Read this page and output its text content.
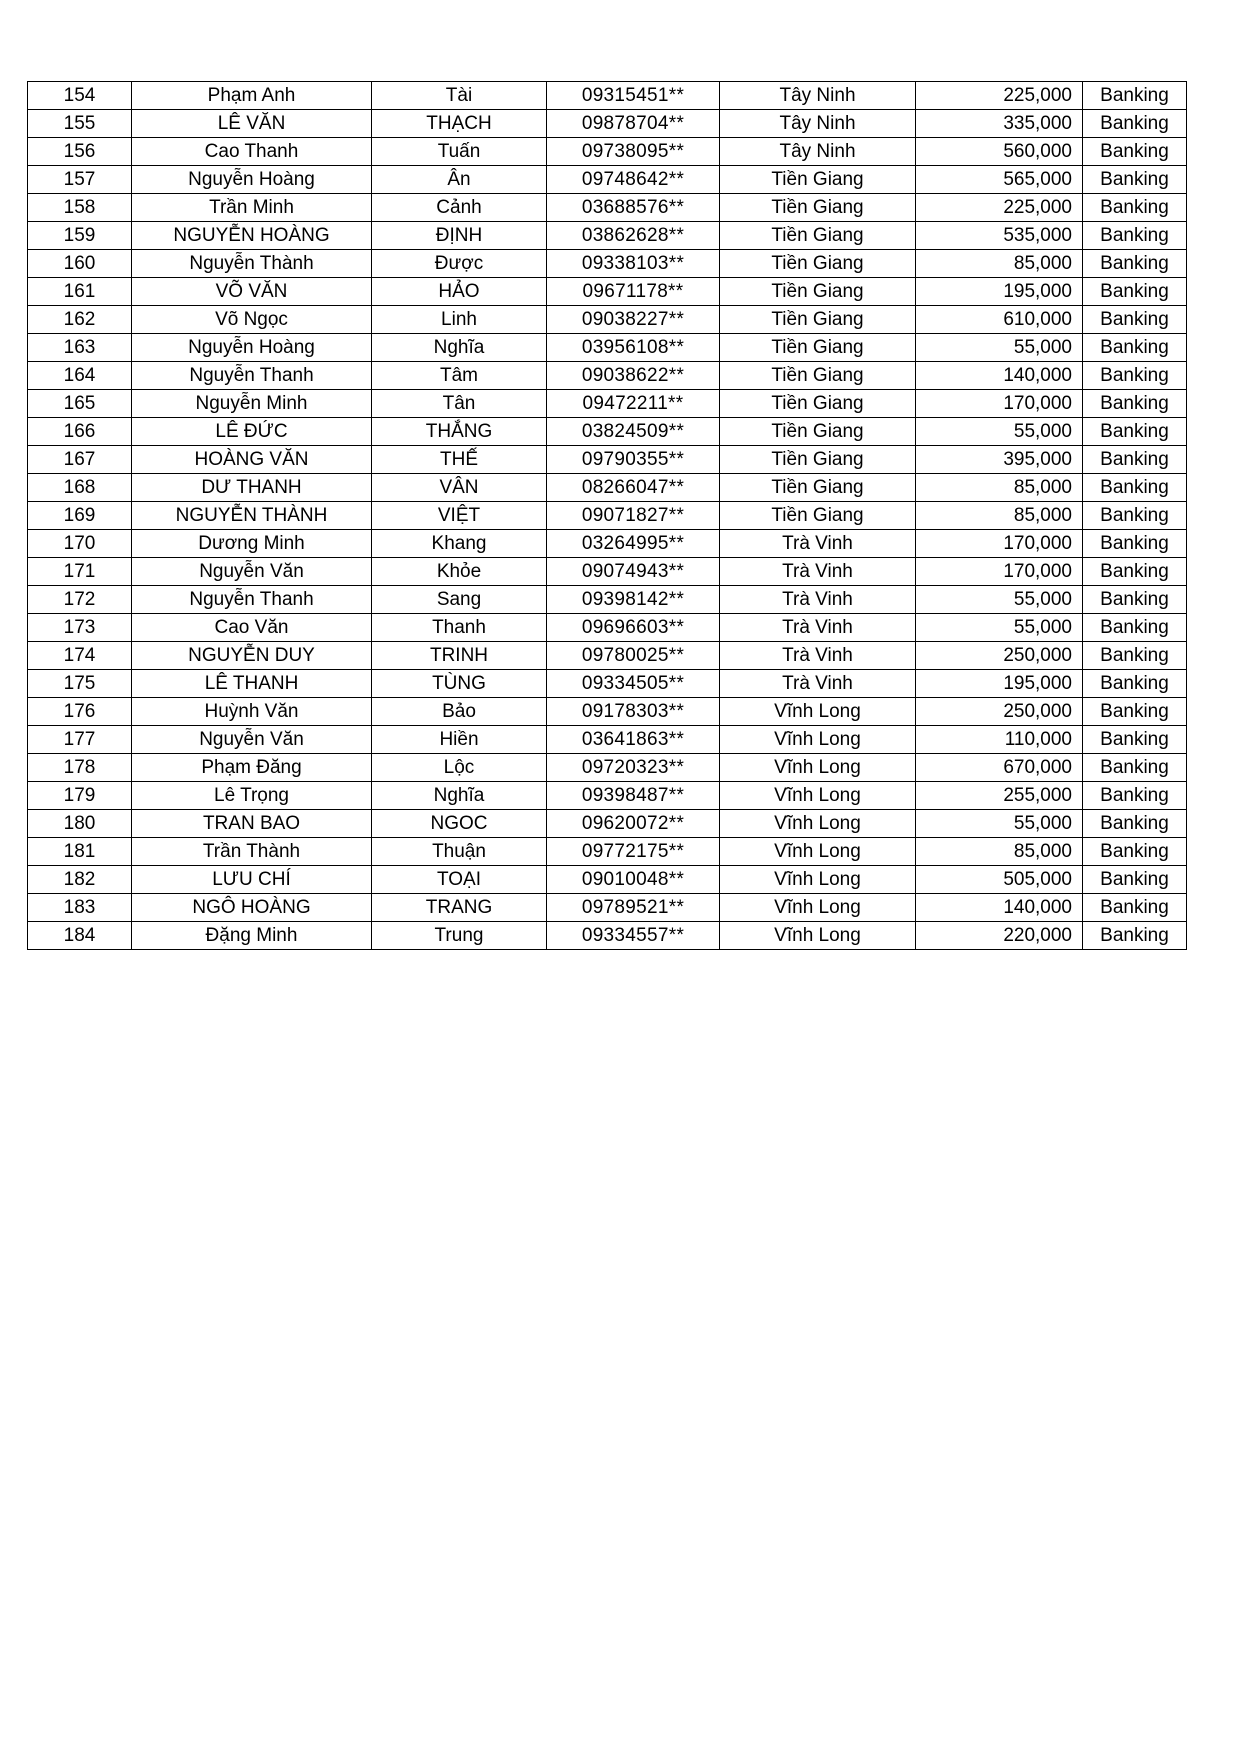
154	Phạm Anh	Tài	09315451**	Tây Ninh	225,000	Banking
155	LÊ VĂN	THẠCH	09878704**	Tây Ninh	335,000	Banking
156	Cao Thanh	Tuấn	09738095**	Tây Ninh	560,000	Banking
157	Nguyễn Hoàng	Ân	09748642**	Tiền Giang	565,000	Banking
158	Trần Minh	Cảnh	03688576**	Tiền Giang	225,000	Banking
159	NGUYỄN HOÀNG	ĐỊNH	03862628**	Tiền Giang	535,000	Banking
160	Nguyễn Thành	Được	09338103**	Tiền Giang	85,000	Banking
161	VÕ VĂN	HẢO	09671178**	Tiền Giang	195,000	Banking
162	Võ Ngọc	Linh	09038227**	Tiền Giang	610,000	Banking
163	Nguyễn Hoàng	Nghĩa	03956108**	Tiền Giang	55,000	Banking
164	Nguyễn Thanh	Tâm	09038622**	Tiền Giang	140,000	Banking
165	Nguyễn Minh	Tân	09472211**	Tiền Giang	170,000	Banking
166	LÊ ĐỨC	THẮNG	03824509**	Tiền Giang	55,000	Banking
167	HOÀNG VĂN	THẾ	09790355**	Tiền Giang	395,000	Banking
168	DƯ THANH	VÂN	08266047**	Tiền Giang	85,000	Banking
169	NGUYỄN THÀNH	VIỆT	09071827**	Tiền Giang	85,000	Banking
170	Dương Minh	Khang	03264995**	Trà Vinh	170,000	Banking
171	Nguyễn Văn	Khỏe	09074943**	Trà Vinh	170,000	Banking
172	Nguyễn Thanh	Sang	09398142**	Trà Vinh	55,000	Banking
173	Cao Văn	Thanh	09696603**	Trà Vinh	55,000	Banking
174	NGUYỄN DUY	TRINH	09780025**	Trà Vinh	250,000	Banking
175	LÊ THANH	TÙNG	09334505**	Trà Vinh	195,000	Banking
176	Huỳnh Văn	Bảo	09178303**	Vĩnh Long	250,000	Banking
177	Nguyễn Văn	Hiền	03641863**	Vĩnh Long	110,000	Banking
178	Phạm Đăng	Lộc	09720323**	Vĩnh Long	670,000	Banking
179	Lê Trọng	Nghĩa	09398487**	Vĩnh Long	255,000	Banking
180	TRAN BAO	NGOC	09620072**	Vĩnh Long	55,000	Banking
181	Trần Thành	Thuận	09772175**	Vĩnh Long	85,000	Banking
182	LƯU CHÍ	TOẠI	09010048**	Vĩnh Long	505,000	Banking
183	NGÔ HOÀNG	TRANG	09789521**	Vĩnh Long	140,000	Banking
184	Đặng Minh	Trung	09334557**	Vĩnh Long	220,000	Banking
